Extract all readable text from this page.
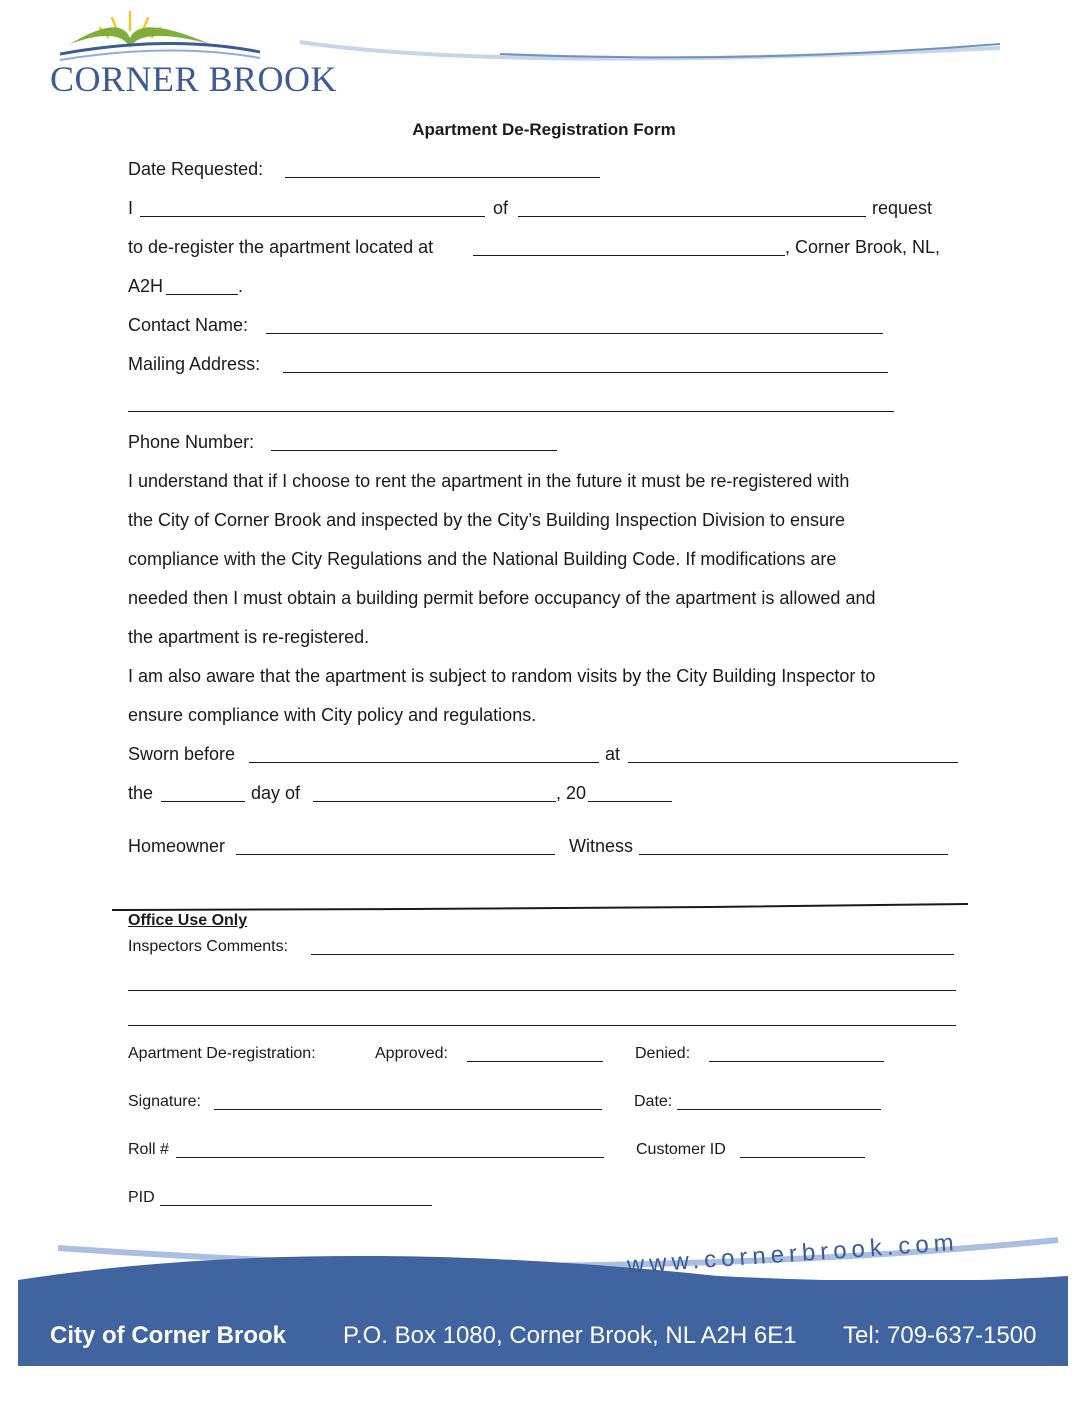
CORNER BROOK
Apartment De-Registration Form
Date Requested:
I	of	request
to de-register the apartment located at	, Corner Brook, NL,
A2H	.
Contact Name:
Mailing Address:
Phone Number:
I understand that if I choose to rent the apartment in the future it must be re-registered with
the City of Corner Brook and inspected by the City’s Building Inspection Division to ensure
compliance with the City Regulations and the National Building Code. If modifications are
needed then I must obtain a building permit before occupancy of the apartment is allowed and
the apartment is re-registered.
I am also aware that the apartment is subject to random visits by the City Building Inspector to
ensure compliance with City policy and regulations.
Sworn before	at
the	day of	, 20
Homeowner	Witness
Office Use Only
Inspectors Comments:
Apartment De-registration:	Approved:	Denied:
Signature:	Date:
Roll #	Customer ID
PID
www.cornerbrook.com
City of Corner Brook P.O. Box 1080, Corner Brook, NL A2H 6E1 Tel: 709-637-1500
